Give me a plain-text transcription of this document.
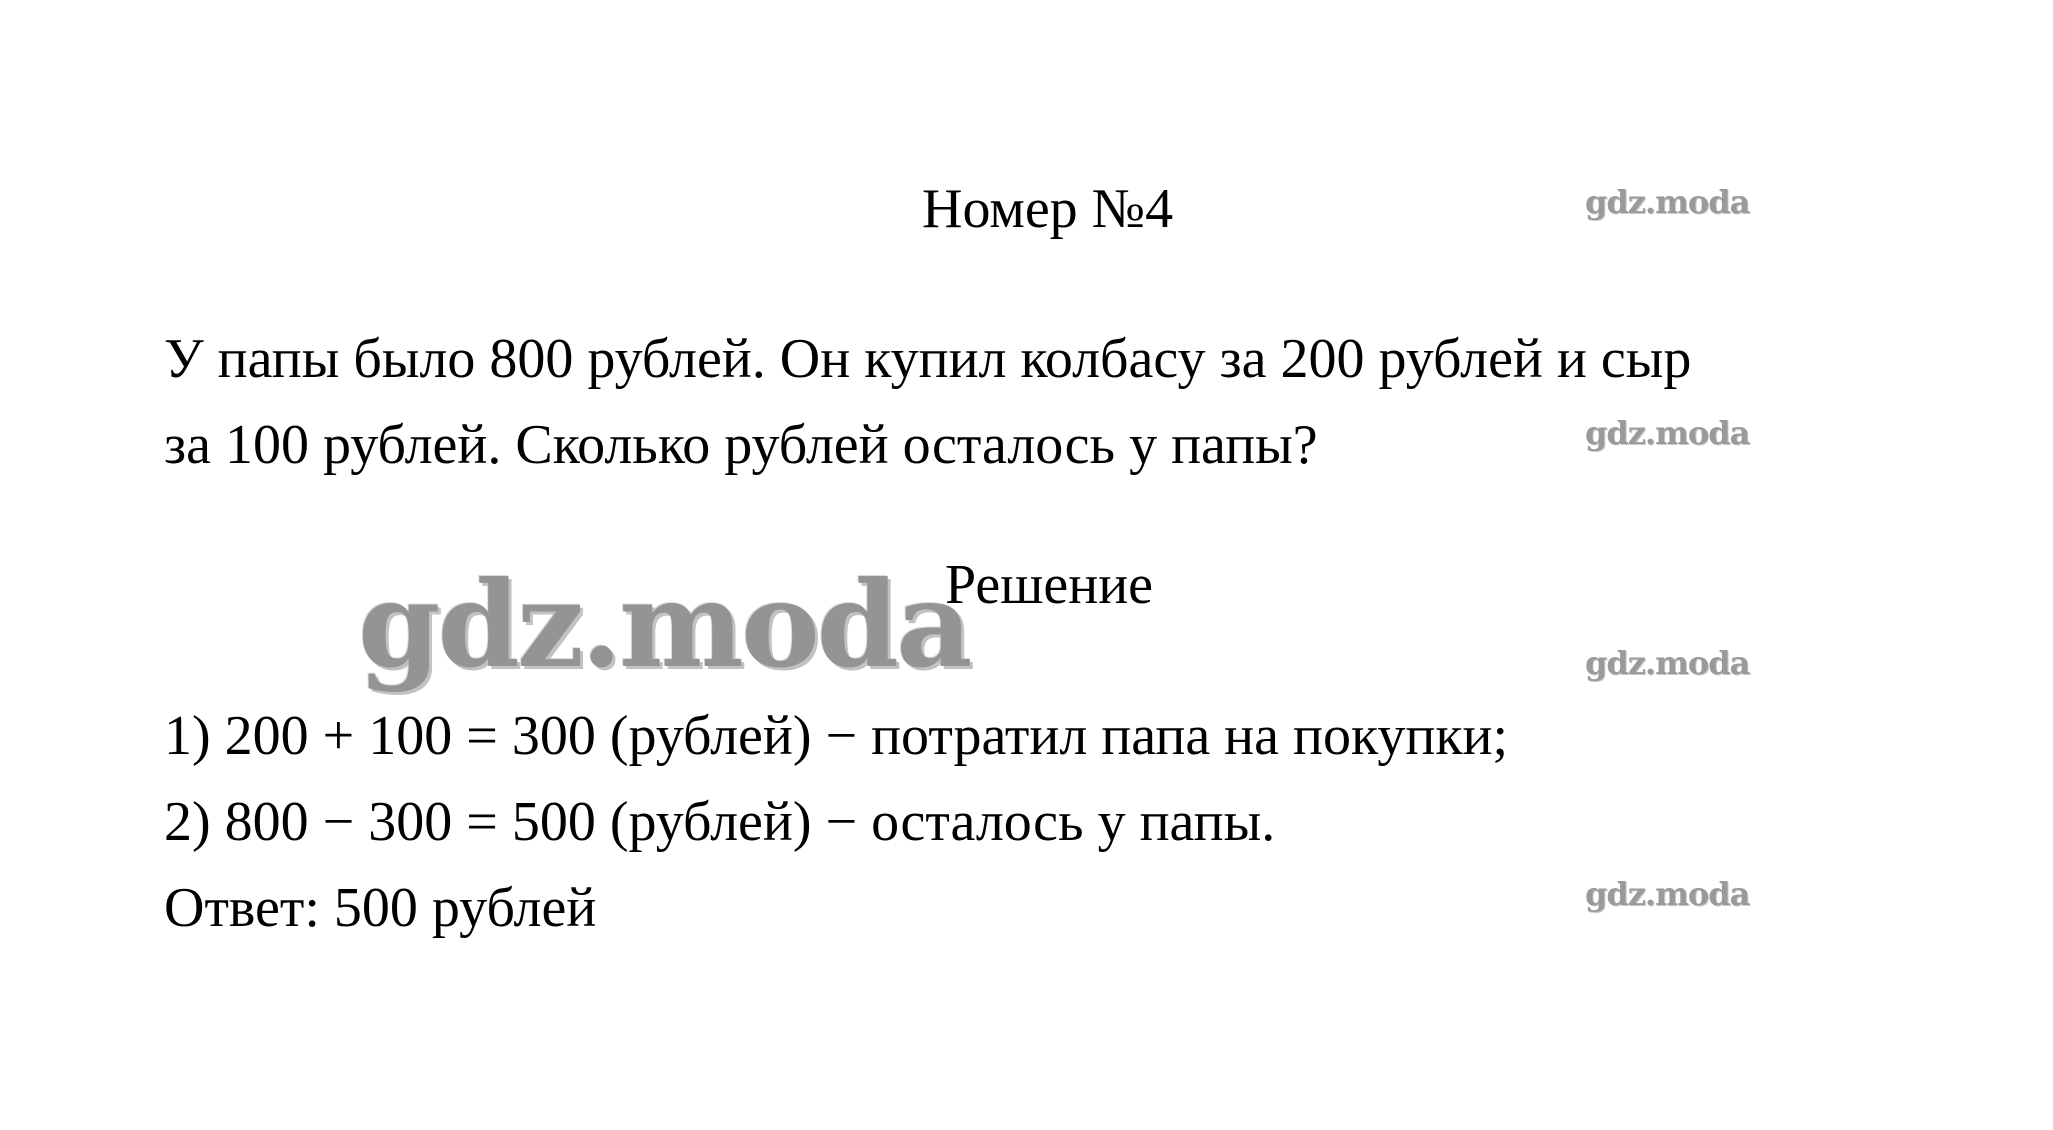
Номер №4
У папы было 800 рублей. Он купил колбасу за 200 рублей и сыр
за 100 рублей. Сколько рублей осталось у папы?
Решение
1) 200 + 100 = 300 (рублей) − потратил папа на покупки;
2) 800 − 300 = 500 (рублей) − осталось у папы.
Ответ: 500 рублей
gdz.moda
gdz.moda
gdz.moda
gdz.moda
gdz.moda
